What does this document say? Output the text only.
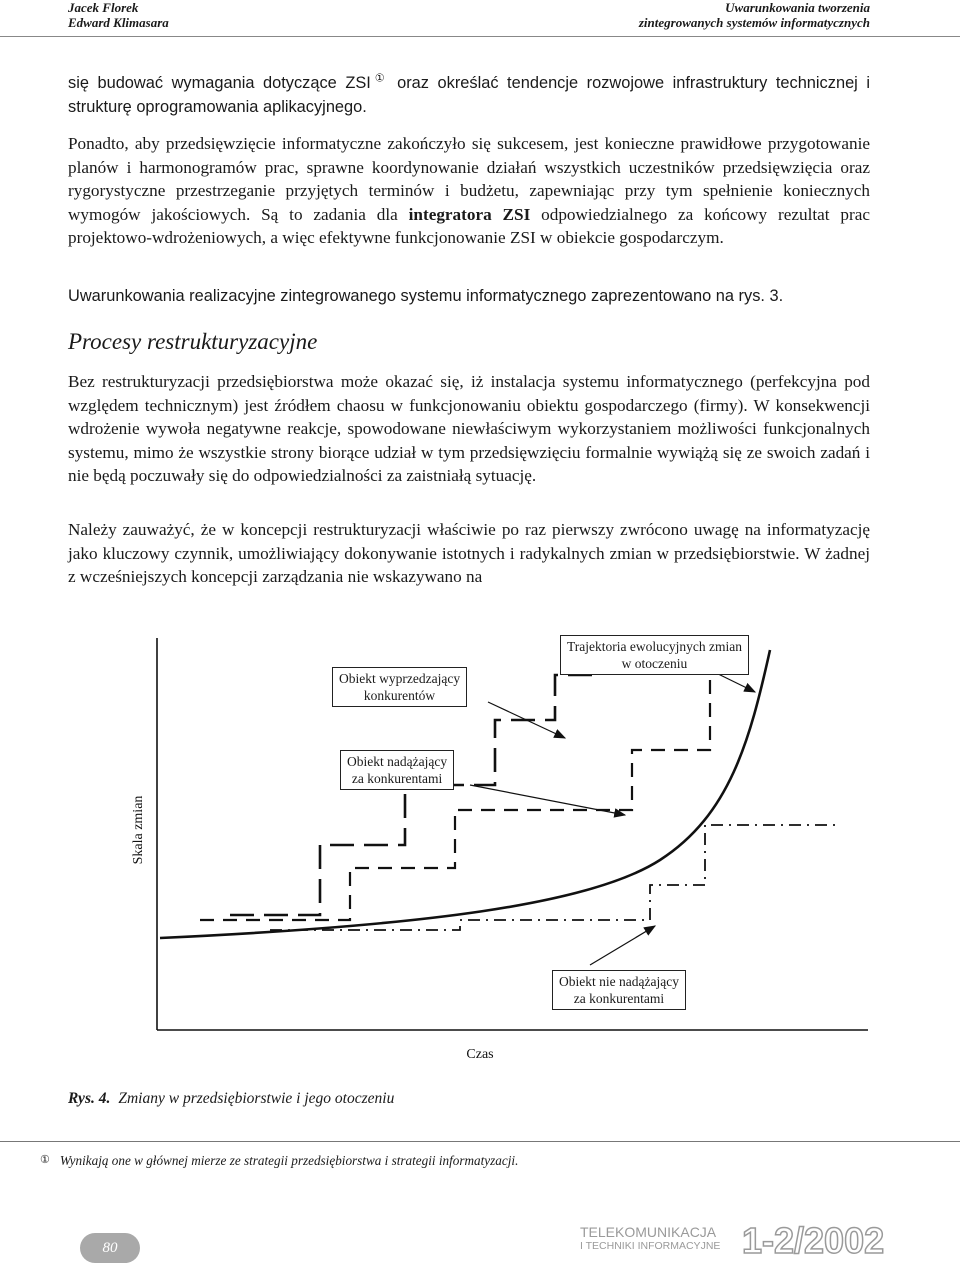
Jacek Florek
Edward Klimasara
Uwarunkowania tworzenia
zintegrowanych systemów informatycznych
się budować wymagania dotyczące ZSI① oraz określać tendencje rozwojowe infrastruktury technicznej i strukturę oprogramowania aplikacyjnego.
Ponadto, aby przedsięwzięcie informatyczne zakończyło się sukcesem, jest konieczne prawidłowe przygotowanie planów i harmonogramów prac, sprawne koordynowanie działań wszystkich uczestników przedsięwzięcia oraz rygorystyczne przestrzeganie przyjętych terminów i budżetu, zapewniając przy tym spełnienie koniecznych wymogów jakościowych. Są to zadania dla integratora ZSI odpowiedzialnego za końcowy rezultat prac projektowo-wdrożeniowych, a więc efektywne funkcjonowanie ZSI w obiekcie gospodarczym.
Uwarunkowania realizacyjne zintegrowanego systemu informatycznego zaprezentowano na rys. 3.
Procesy restrukturyzacyjne
Bez restrukturyzacji przedsiębiorstwa może okazać się, iż instalacja systemu informatycznego (perfekcyjna pod względem technicznym) jest źródłem chaosu w funkcjonowaniu obiektu gospodarczego (firmy). W konsekwencji wdrożenie wywoła negatywne reakcje, spowodowane niewłaściwym wykorzystaniem możliwości funkcjonalnych systemu, mimo że wszystkie strony biorące udział w tym przedsięwzięciu formalnie wywiążą się ze swoich zadań i nie będą poczuwały się do odpowiedzialności za zaistniałą sytuację.
Należy zauważyć, że w koncepcji restrukturyzacji właściwie po raz pierwszy zwrócono uwagę na informatyzację jako kluczowy czynnik, umożliwiający dokonywanie istotnych i radykalnych zmian w przedsiębiorstwie. W żadnej z wcześniejszych koncepcji zarządzania nie wskazywano na
Skala zmian
Czas
Trajektoria ewolucyjnych zmian
w otoczeniu
Obiekt wyprzedzający
konkurentów
Obiekt nadążający
za konkurentami
Obiekt nie nadążający
za konkurentami
Rys. 4. Zmiany w przedsiębiorstwie i jego otoczeniu
① Wynikają one w głównej mierze ze strategii przedsiębiorstwa i strategii informatyzacji.
80
TELEKOMUNIKACJA
I TECHNIKI INFORMACYJNE 1-2/2002
